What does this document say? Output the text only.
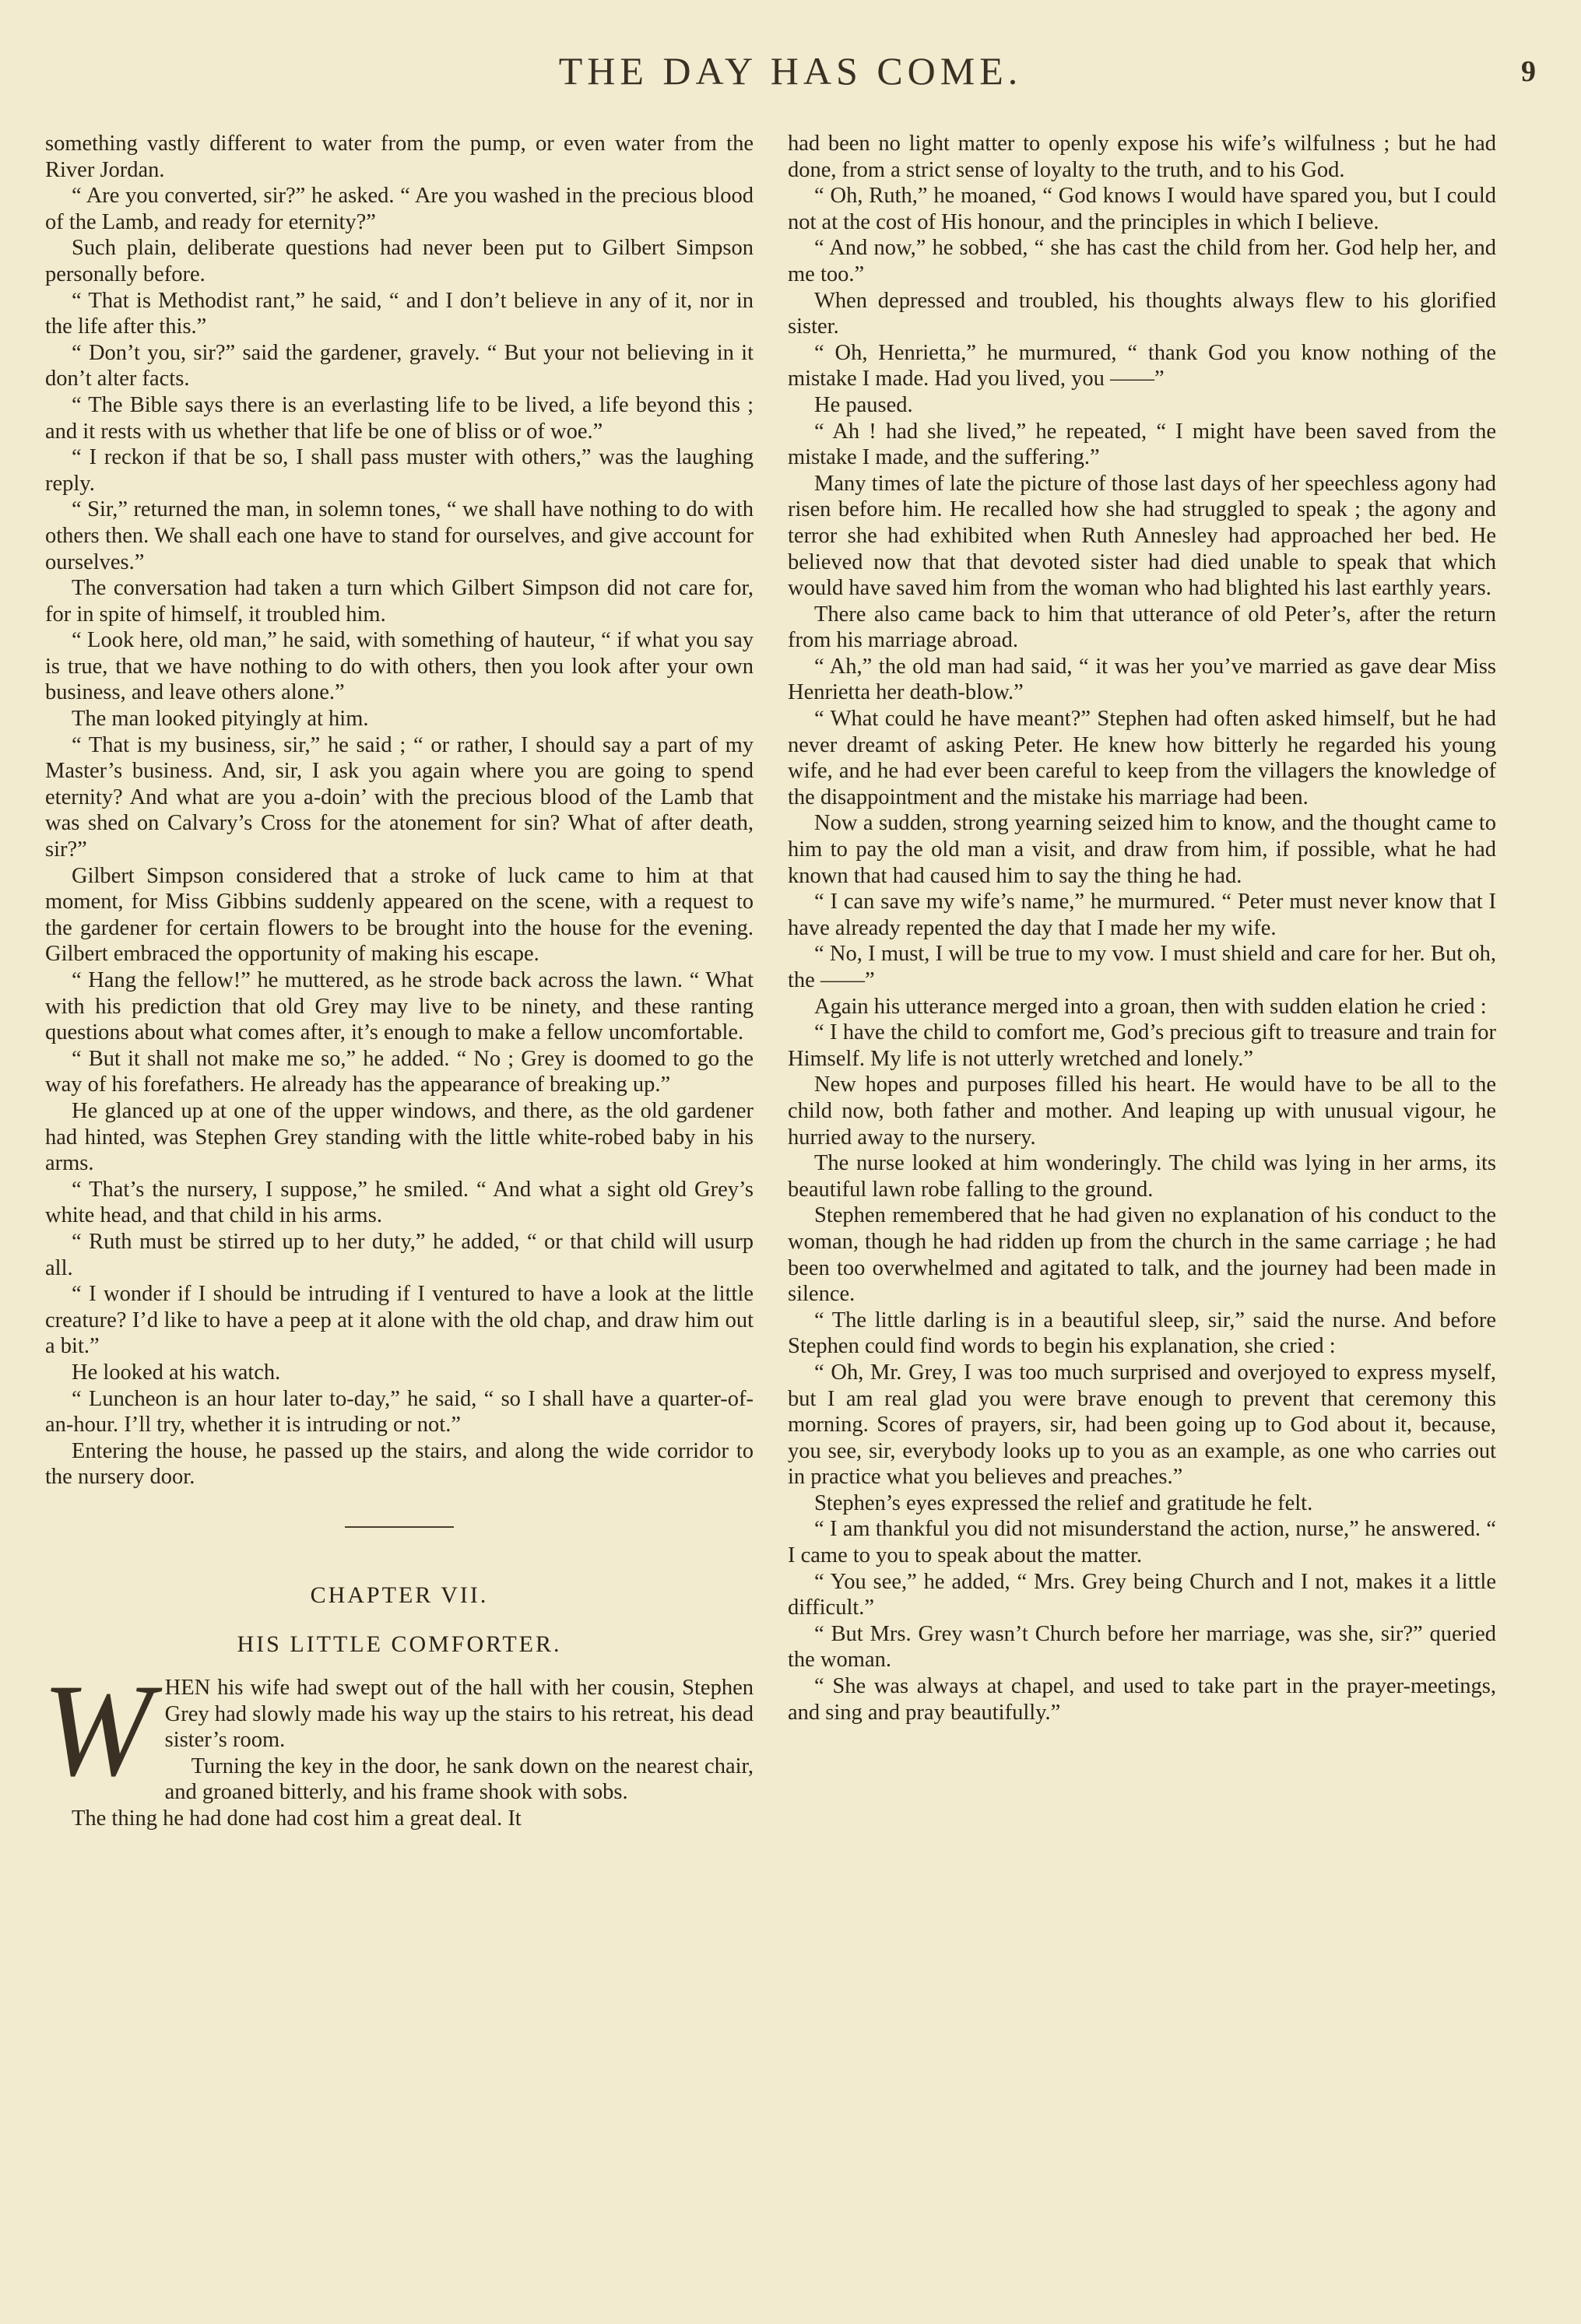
THE DAY HAS COME.	9

something vastly different to water from the pump, or even water from the River Jordan.

“ Are you converted, sir?” he asked. “ Are you washed in the precious blood of the Lamb, and ready for eternity?”

Such plain, deliberate questions had never been put to Gilbert Simpson personally before.

“ That is Methodist rant,” he said, “ and I don’t believe in any of it, nor in the life after this.”

“ Don’t you, sir?” said the gardener, gravely. “ But your not believing in it don’t alter facts.

“ The Bible says there is an everlasting life to be lived, a life beyond this ; and it rests with us whether that life be one of bliss or of woe.”

“ I reckon if that be so, I shall pass muster with others,” was the laughing reply.

“ Sir,” returned the man, in solemn tones, “ we shall have nothing to do with others then. We shall each one have to stand for ourselves, and give account for ourselves.”

The conversation had taken a turn which Gilbert Simpson did not care for, for in spite of himself, it troubled him.

“ Look here, old man,” he said, with something of hauteur, “ if what you say is true, that we have nothing to do with others, then you look after your own business, and leave others alone.”

The man looked pityingly at him.

“ That is my business, sir,” he said ; “ or rather, I should say a part of my Master’s business. And, sir, I ask you again where you are going to spend eternity? And what are you a-doin’ with the precious blood of the Lamb that was shed on Calvary’s Cross for the atonement for sin? What of after death, sir?”

Gilbert Simpson considered that a stroke of luck came to him at that moment, for Miss Gibbins suddenly appeared on the scene, with a request to the gardener for certain flowers to be brought into the house for the evening. Gilbert embraced the opportunity of making his escape.

“ Hang the fellow!” he muttered, as he strode back across the lawn. “ What with his prediction that old Grey may live to be ninety, and these ranting questions about what comes after, it’s enough to make a fellow uncomfortable.

“ But it shall not make me so,” he added. “ No ; Grey is doomed to go the way of his forefathers. He already has the appearance of breaking up.”

He glanced up at one of the upper windows, and there, as the old gardener had hinted, was Stephen Grey standing with the little white-robed baby in his arms.

“ That’s the nursery, I suppose,” he smiled. “ And what a sight old Grey’s white head, and that child in his arms.

“ Ruth must be stirred up to her duty,” he added, “ or that child will usurp all.

“ I wonder if I should be intruding if I ventured to have a look at the little creature? I’d like to have a peep at it alone with the old chap, and draw him out a bit.”

He looked at his watch.

“ Luncheon is an hour later to-day,” he said, “ so I shall have a quarter-of-an-hour. I’ll try, whether it is intruding or not.”

Entering the house, he passed up the stairs, and along the wide corridor to the nursery door.

CHAPTER VII.
HIS LITTLE COMFORTER.

WHEN his wife had swept out of the hall with her cousin, Stephen Grey had slowly made his way up the stairs to his retreat, his dead sister’s room.

Turning the key in the door, he sank down on the nearest chair, and groaned bitterly, and his frame shook with sobs.

The thing he had done had cost him a great deal. It

had been no light matter to openly expose his wife’s wilfulness ; but he had done, from a strict sense of loyalty to the truth, and to his God.

“ Oh, Ruth,” he moaned, “ God knows I would have spared you, but I could not at the cost of His honour, and the principles in which I believe.

“ And now,” he sobbed, “ she has cast the child from her. God help her, and me too.”

When depressed and troubled, his thoughts always flew to his glorified sister.

“ Oh, Henrietta,” he murmured, “ thank God you know nothing of the mistake I made. Had you lived, you ——”

He paused.

“ Ah ! had she lived,” he repeated, “ I might have been saved from the mistake I made, and the suffering.”

Many times of late the picture of those last days of her speechless agony had risen before him. He recalled how she had struggled to speak ; the agony and terror she had exhibited when Ruth Annesley had approached her bed. He believed now that that devoted sister had died unable to speak that which would have saved him from the woman who had blighted his last earthly years.

There also came back to him that utterance of old Peter’s, after the return from his marriage abroad.

“ Ah,” the old man had said, “ it was her you’ve married as gave dear Miss Henrietta her death-blow.”

“ What could he have meant?” Stephen had often asked himself, but he had never dreamt of asking Peter. He knew how bitterly he regarded his young wife, and he had ever been careful to keep from the villagers the knowledge of the disappointment and the mistake his marriage had been.

Now a sudden, strong yearning seized him to know, and the thought came to him to pay the old man a visit, and draw from him, if possible, what he had known that had caused him to say the thing he had.

“ I can save my wife’s name,” he murmured. “ Peter must never know that I have already repented the day that I made her my wife.

“ No, I must, I will be true to my vow. I must shield and care for her. But oh, the ——”

Again his utterance merged into a groan, then with sudden elation he cried :

“ I have the child to comfort me, God’s precious gift to treasure and train for Himself. My life is not utterly wretched and lonely.”

New hopes and purposes filled his heart. He would have to be all to the child now, both father and mother. And leaping up with unusual vigour, he hurried away to the nursery.

The nurse looked at him wonderingly. The child was lying in her arms, its beautiful lawn robe falling to the ground.

Stephen remembered that he had given no explanation of his conduct to the woman, though he had ridden up from the church in the same carriage ; he had been too overwhelmed and agitated to talk, and the journey had been made in silence.

“ The little darling is in a beautiful sleep, sir,” said the nurse. And before Stephen could find words to begin his explanation, she cried :

“ Oh, Mr. Grey, I was too much surprised and overjoyed to express myself, but I am real glad you were brave enough to prevent that ceremony this morning. Scores of prayers, sir, had been going up to God about it, because, you see, sir, everybody looks up to you as an example, as one who carries out in practice what you believes and preaches.”

Stephen’s eyes expressed the relief and gratitude he felt.

“ I am thankful you did not misunderstand the action, nurse,” he answered. “ I came to you to speak about the matter.

“ You see,” he added, “ Mrs. Grey being Church and I not, makes it a little difficult.”

“ But Mrs. Grey wasn’t Church before her marriage, was she, sir?” queried the woman.

“ She was always at chapel, and used to take part in the prayer-meetings, and sing and pray beautifully.”
